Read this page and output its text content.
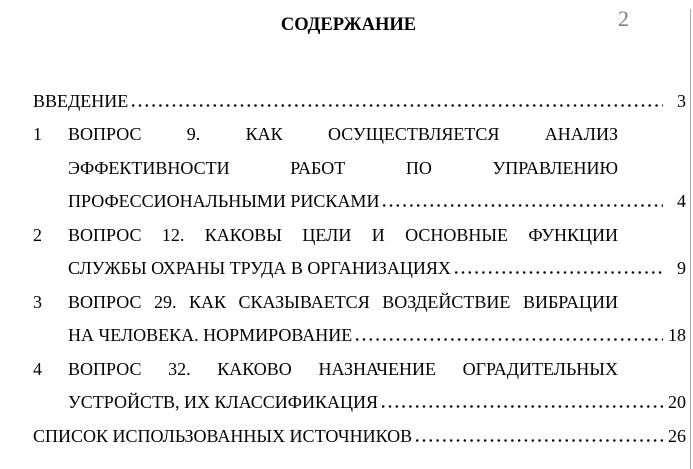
2
СОДЕРЖАНИЕ
ВВЕДЕНИЕ	3
1	ВОПРОС 9. КАК ОСУЩЕСТВЛЯЕТСЯ АНАЛИЗ
ЭФФЕКТИВНОСТИ РАБОТ ПО УПРАВЛЕНИЮ
ПРОФЕССИОНАЛЬНЫМИ РИСКАМИ	4
2	ВОПРОС 12. КАКОВЫ ЦЕЛИ И ОСНОВНЫЕ ФУНКЦИИ
СЛУЖБЫ ОХРАНЫ ТРУДА В ОРГАНИЗАЦИЯХ	9
3	ВОПРОС 29. КАК СКАЗЫВАЕТСЯ ВОЗДЕЙСТВИЕ ВИБРАЦИИ
НА ЧЕЛОВЕКА. НОРМИРОВАНИЕ	18
4	ВОПРОС 32. КАКОВО НАЗНАЧЕНИЕ ОГРАДИТЕЛЬНЫХ
УСТРОЙСТВ, ИХ КЛАССИФИКАЦИЯ	20
СПИСОК ИСПОЛЬЗОВАННЫХ ИСТОЧНИКОВ	26
